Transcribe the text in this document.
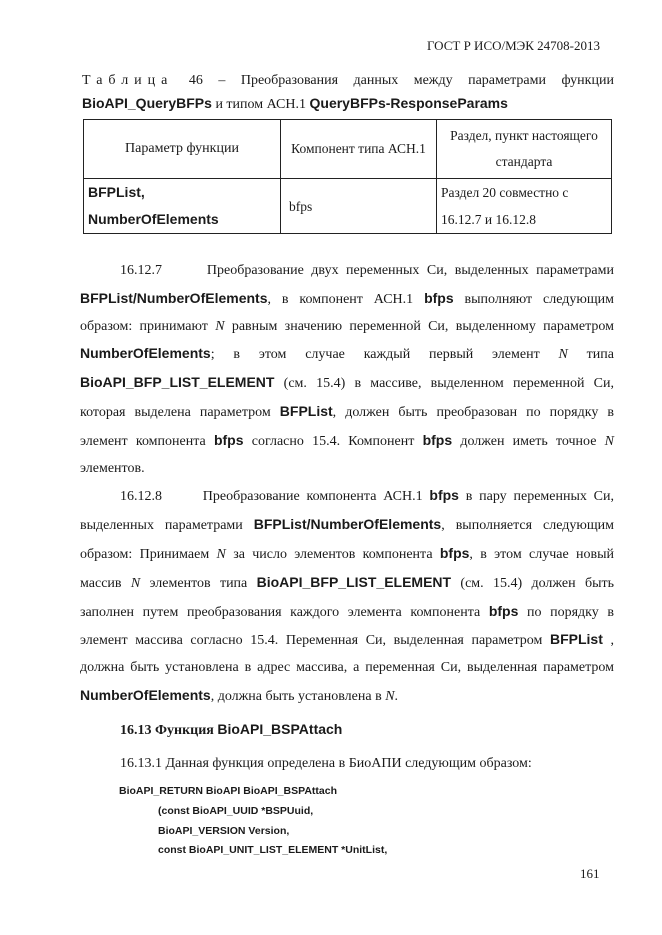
ГОСТ Р ИСО/МЭК 24708-2013
Таблица 46 – Преобразования данных между параметрами функции
BioAPI_QueryBFPs и типом АСН.1 QueryBFPs-ResponseParams
Параметр функции	Компонент типа АСН.1	Раздел, пункт настоящего стандарта
BFPList, NumberOfElements	bfps	Раздел 20 совместно с 16.12.7 и 16.12.8

16.12.7      Преобразование двух переменных Си, выделенных параметрами BFPList/NumberOfElements, в компонент АСН.1 bfps выполняют следующим образом: принимают N равным значению переменной Си, выделенному параметром NumberOfElements; в этом случае каждый первый элемент N типа BioAPI_BFP_LIST_ELEMENT (см. 15.4) в массиве, выделенном переменной Си, которая выделена параметром BFPList, должен быть преобразован по порядку в элемент компонента bfps согласно 15.4. Компонент bfps должен иметь точное N элементов.

16.12.8      Преобразование компонента АСН.1 bfps в пару переменных Си, выделенных параметрами BFPList/NumberOfElements, выполняется следующим образом: Принимаем N за число элементов компонента bfps, в этом случае новый массив N элементов типа BioAPI_BFP_LIST_ELEMENT (см. 15.4) должен быть заполнен путем преобразования каждого элемента компонента bfps по порядку в элемент массива согласно 15.4. Переменная Си, выделенная параметром BFPList , должна быть установлена в адрес массива, а переменная Си, выделенная параметром NumberOfElements, должна быть установлена в N.

16.13 Функция BioAPI_BSPAttach
16.13.1 Данная функция определена в БиоАПИ следующим образом:
BioAPI_RETURN BioAPI BioAPI_BSPAttach
(const BioAPI_UUID *BSPUuid,
BioAPI_VERSION Version,
const BioAPI_UNIT_LIST_ELEMENT *UnitList,
161
